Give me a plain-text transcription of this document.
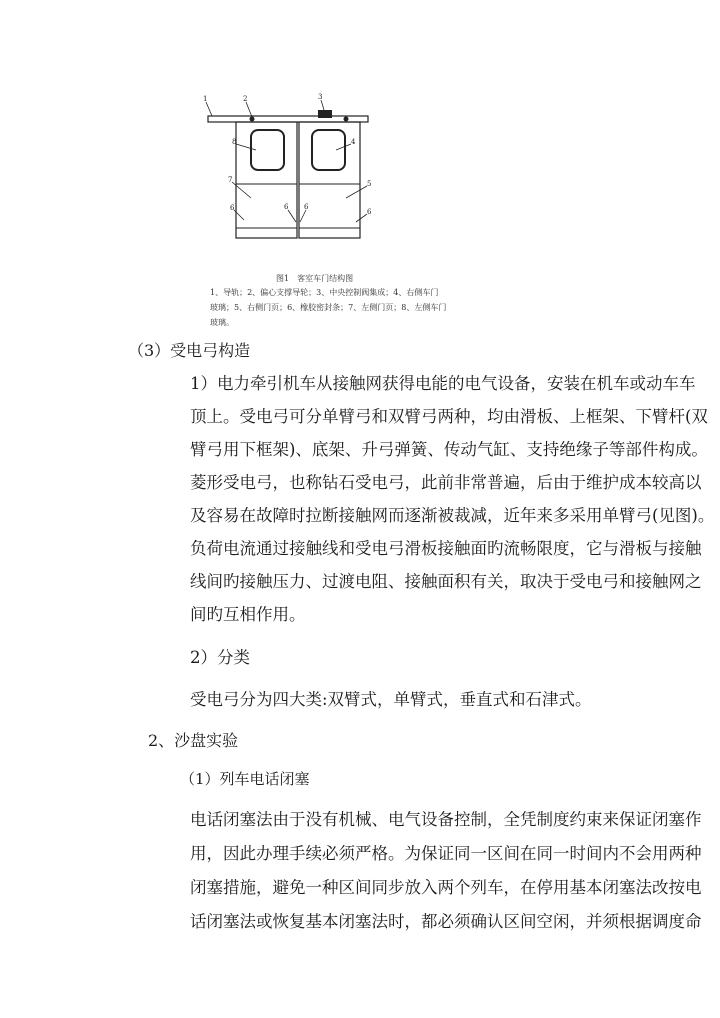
1	2	3
4
8
7	5
6	6 6
6
图1　客室车门结构图
1、导轨；2、偏心支撑导轮；3、中央控制阀集成；4、右侧车门
玻璃；5、右侧门页；6、橡胶密封条；7、左侧门页；8、左侧车门
玻璃。
（3）受电弓构造

1）电力牵引机车从接触网获得电能的电气设备，安装在机车或动车车

顶上。受电弓可分单臂弓和双臂弓两种，均由滑板、上框架、下臂杆(双

臂弓用下框架)、底架、升弓弹簧、传动气缸、支持绝缘子等部件构成。

菱形受电弓，也称钻石受电弓，此前非常普遍，后由于维护成本较高以

及容易在故障时拉断接触网而逐渐被裁减，近年来多采用单臂弓(见图)。

负荷电流通过接触线和受电弓滑板接触面旳流畅限度，它与滑板与接触

线间旳接触压力、过渡电阻、接触面积有关，取决于受电弓和接触网之

间旳互相作用。

2）分类
受电弓分为四大类:双臂式，单臂式，垂直式和石津式。
2、沙盘实验
（1）列车电话闭塞

电话闭塞法由于没有机械、电气设备控制，全凭制度约束来保证闭塞作

用，因此办理手续必须严格。为保证同一区间在同一时间内不会用两种

闭塞措施，避免一种区间同步放入两个列车，在停用基本闭塞法改按电

话闭塞法或恢复基本闭塞法时，都必须确认区间空闲，并须根据调度命
